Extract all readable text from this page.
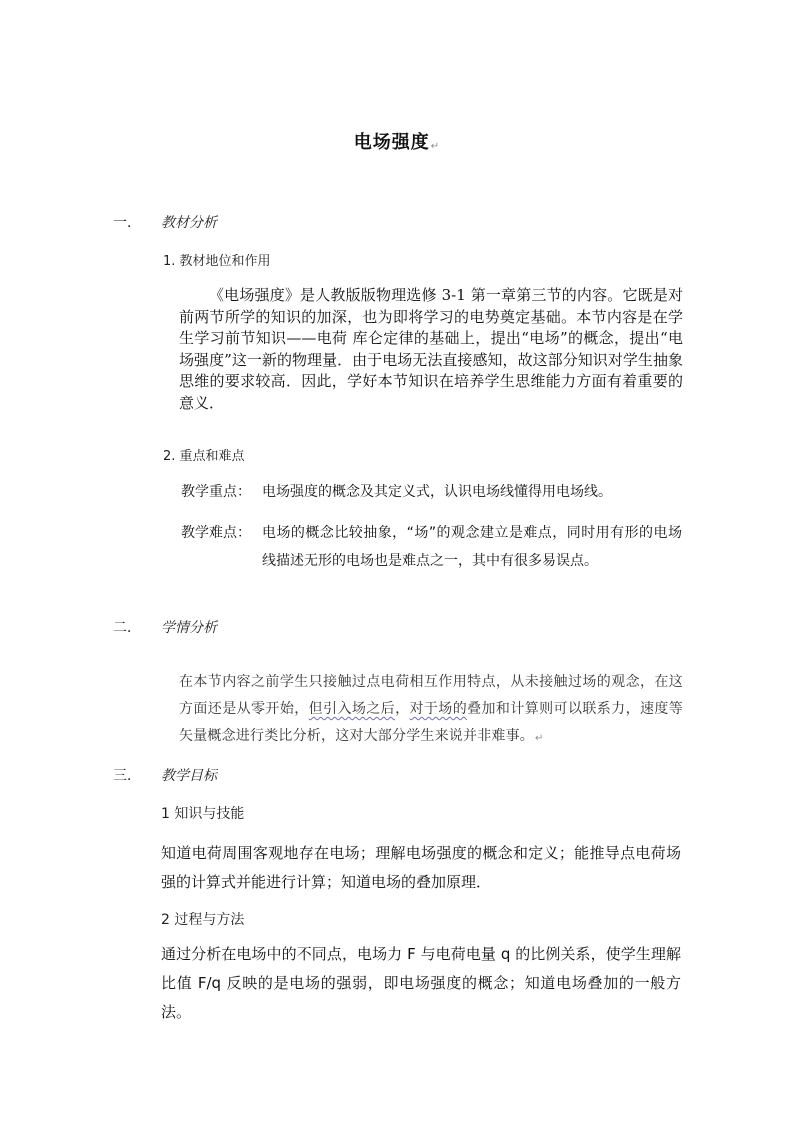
电场强度↵
一． 教材分析
1. 教材地位和作用
《电场强度》是人教版版物理选修 3-1 第一章第三节的内容。它既是对前两节所学的知识的加深，也为即将学习的电势奠定基础。本节内容是在学生学习前节知识——电荷 库仑定律的基础上，提出“电场”的概念，提出“电场强度”这一新的物理量．由于电场无法直接感知，故这部分知识对学生抽象思维的要求较高．因此，学好本节知识在培养学生思维能力方面有着重要的意义．
2. 重点和难点
教学重点： 电场强度的概念及其定义式，认识电场线懂得用电场线。
教学难点： 电场的概念比较抽象，“场”的观念建立是难点，同时用有形的电场线描述无形的电场也是难点之一，其中有很多易误点。
二． 学情分析
在本节内容之前学生只接触过点电荷相互作用特点，从未接触过场的观念，在这方面还是从零开始，但引入场之后，对于场的叠加和计算则可以联系力，速度等矢量概念进行类比分析，这对大部分学生来说并非难事。↵
三． 教学目标
1 知识与技能
知道电荷周围客观地存在电场；理解电场强度的概念和定义；能推导点电荷场强的计算式并能进行计算；知道电场的叠加原理．
2 过程与方法
通过分析在电场中的不同点，电场力 F 与电荷电量 q 的比例关系，使学生理解比值 F/q 反映的是电场的强弱，即电场强度的概念；知道电场叠加的一般方法。
